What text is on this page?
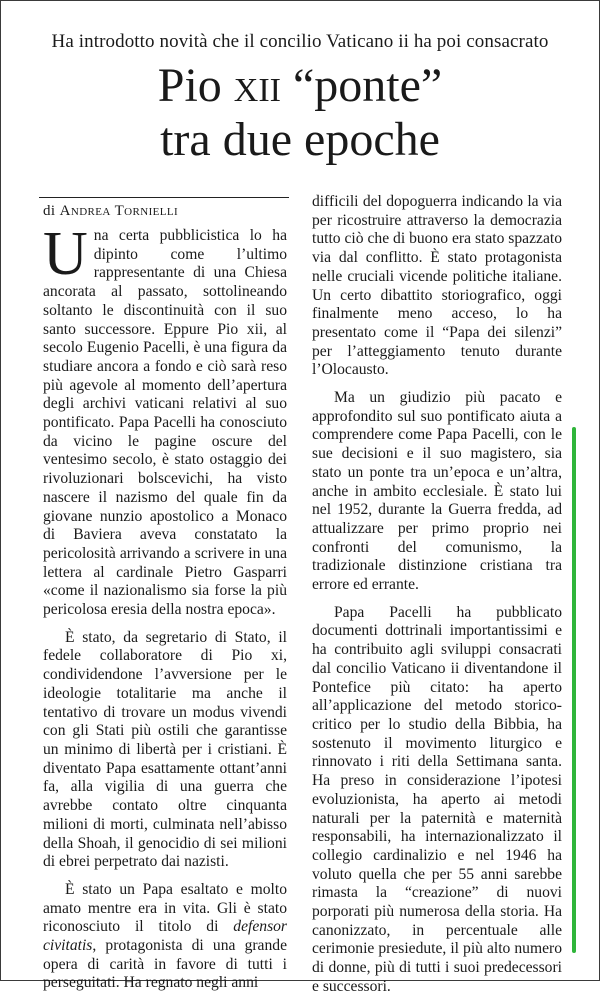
Ha introdotto novità che il concilio Vaticano ii ha poi consacrato
Pio xii “ponte”
tra due epoche
di Andrea Tornielli

Una certa pubblicistica lo ha dipinto come l’ultimo rappresentante di una Chiesa ancorata al passato, sottolineando soltanto le discontinuità con il suo santo successore. Eppure Pio xii, al secolo Eugenio Pacelli, è una figura da studiare ancora a fondo e ciò sarà reso più agevole al momento dell’apertura degli archivi vaticani relativi al suo pontificato. Papa Pacelli ha conosciuto da vicino le pagine oscure del ventesimo secolo, è stato ostaggio dei rivoluzionari bolscevichi, ha visto nascere il nazismo del quale fin da giovane nunzio apostolico a Monaco di Baviera aveva constatato la pericolosità arrivando a scrivere in una lettera al cardinale Pietro Gasparri «come il nazionalismo sia forse la più pericolosa eresia della nostra epoca».

È stato, da segretario di Stato, il fedele collaboratore di Pio xi, condividendone l’avversione per le ideologie totalitarie ma anche il tentativo di trovare un modus vivendi con gli Stati più ostili che garantisse un minimo di libertà per i cristiani. È diventato Papa esattamente ottant’anni fa, alla vigilia di una guerra che avrebbe contato oltre cinquanta milioni di morti, culminata nell’abisso della Shoah, il genocidio di sei milioni di ebrei perpetrato dai nazisti.

È stato un Papa esaltato e molto amato mentre era in vita. Gli è stato riconosciuto il titolo di defensor civitatis, protagonista di una grande opera di carità in favore di tutti i perseguitati. Ha regnato negli anni

difficili del dopoguerra indicando la via per ricostruire attraverso la democrazia tutto ciò che di buono era stato spazzato via dal conflitto. È stato protagonista nelle cruciali vicende politiche italiane. Un certo dibattito storiografico, oggi finalmente meno acceso, lo ha presentato come il “Papa dei silenzi” per l’atteggiamento tenuto durante l’Olocausto.

Ma un giudizio più pacato e approfondito sul suo pontificato aiuta a comprendere come Papa Pacelli, con le sue decisioni e il suo magistero, sia stato un ponte tra un’epoca e un’altra, anche in ambito ecclesiale. È stato lui nel 1952, durante la Guerra fredda, ad attualizzare per primo proprio nei confronti del comunismo, la tradizionale distinzione cristiana tra errore ed errante.

Papa Pacelli ha pubblicato documenti dottrinali importantissimi e ha contribuito agli sviluppi consacrati dal concilio Vaticano ii diventandone il Pontefice più citato: ha aperto all’applicazione del metodo storico-critico per lo studio della Bibbia, ha sostenuto il movimento liturgico e rinnovato i riti della Settimana santa. Ha preso in considerazione l’ipotesi evoluzionista, ha aperto ai metodi naturali per la paternità e maternità responsabili, ha internazionalizzato il collegio cardinalizio e nel 1946 ha voluto quella che per 55 anni sarebbe rimasta la “creazione” di nuovi porporati più numerosa della storia. Ha canonizzato, in percentuale alle cerimonie presiedute, il più alto numero di donne, più di tutti i suoi predecessori e successori.
